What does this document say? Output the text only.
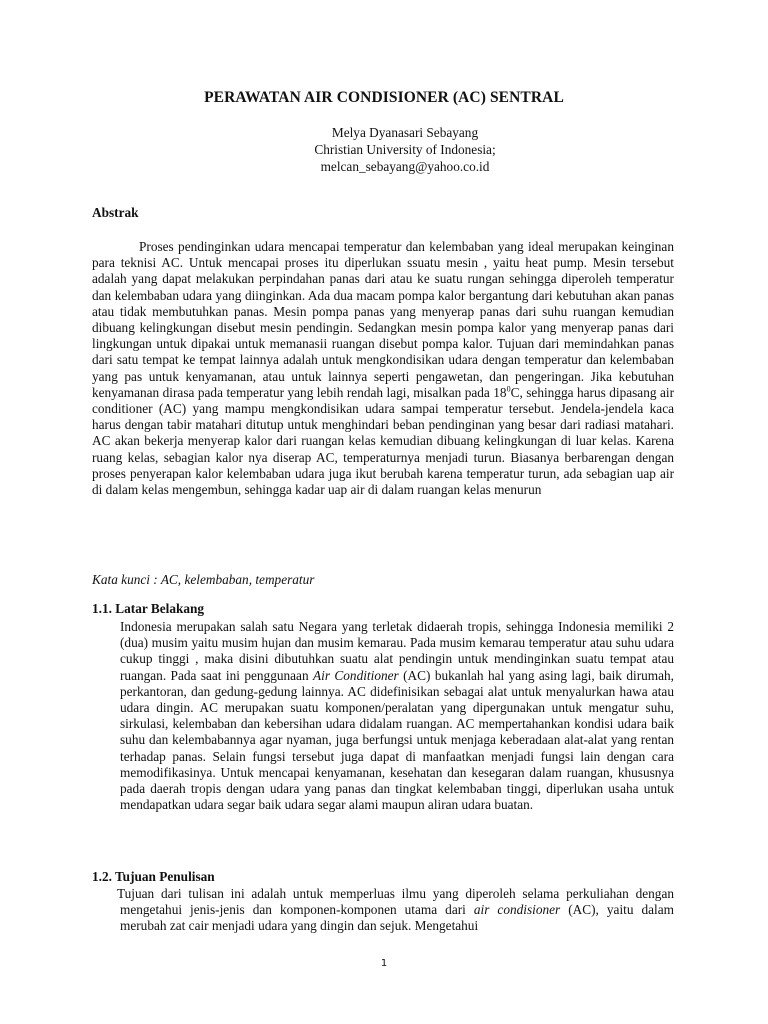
PERAWATAN AIR CONDISIONER (AC) SENTRAL
Melya Dyanasari Sebayang
Christian University of Indonesia;
melcan_sebayang@yahoo.co.id
Abstrak

Proses pendinginkan udara mencapai temperatur dan kelembaban yang ideal merupakan keinginan para teknisi AC. Untuk mencapai proses itu diperlukan ssuatu mesin , yaitu heat pump. Mesin tersebut adalah yang dapat melakukan perpindahan panas dari atau ke suatu rungan sehingga diperoleh temperatur dan kelembaban udara yang diinginkan. Ada dua macam pompa kalor bergantung dari kebutuhan akan panas atau tidak membutuhkan panas. Mesin pompa panas yang menyerap panas dari suhu ruangan kemudian dibuang kelingkungan disebut mesin pendingin. Sedangkan mesin pompa kalor yang menyerap panas dari lingkungan untuk dipakai untuk memanasii ruangan disebut pompa kalor. Tujuan dari memindahkan panas dari satu tempat ke tempat lainnya adalah untuk mengkondisikan udara dengan temperatur dan kelembaban yang pas untuk kenyamanan, atau untuk lainnya seperti pengawetan, dan pengeringan. Jika kebutuhan kenyamanan dirasa pada temperatur yang lebih rendah lagi, misalkan pada $18^0C$, sehingga harus dipasang air conditioner (AC) yang mampu mengkondisikan udara sampai temperatur tersebut. Jendela-jendela kaca harus dengan tabir matahari ditutup untuk menghindari beban pendinginan yang besar dari radiasi matahari. AC akan bekerja menyerap kalor dari ruangan kelas kemudian dibuang kelingkungan di luar kelas. Karena ruang kelas, sebagian kalor nya diserap AC, temperaturnya menjadi turun. Biasanya berbarengan dengan proses penyerapan kalor kelembaban udara juga ikut berubah karena temperatur turun, ada sebagian uap air di dalam kelas mengembun, sehingga kadar uap air di dalam ruangan kelas menurun

Kata kunci : AC, kelembaban, temperatur
1.1. Latar Belakang

Indonesia merupakan salah satu Negara yang terletak didaerah tropis, sehingga Indonesia memiliki 2 (dua) musim yaitu musim hujan dan musim kemarau. Pada musim kemarau temperatur atau suhu udara cukup tinggi , maka disini dibutuhkan suatu alat pendingin untuk mendinginkan suatu tempat atau ruangan. Pada saat ini penggunaan Air Conditioner (AC) bukanlah hal yang asing lagi, baik dirumah, perkantoran, dan gedung-gedung lainnya. AC didefinisikan sebagai alat untuk menyalurkan hawa atau udara dingin. AC merupakan suatu komponen/peralatan yang dipergunakan untuk mengatur suhu, sirkulasi, kelembaban dan kebersihan udara didalam ruangan. AC mempertahankan kondisi udara baik suhu dan kelembabannya agar nyaman, juga berfungsi untuk menjaga keberadaan alat-alat yang rentan terhadap panas. Selain fungsi tersebut juga dapat di manfaatkan menjadi fungsi lain dengan cara memodifikasinya. Untuk mencapai kenyamanan, kesehatan dan kesegaran dalam ruangan, khususnya pada daerah tropis dengan udara yang panas dan tingkat kelembaban tinggi, diperlukan usaha untuk mendapatkan udara segar baik udara segar alami maupun aliran udara buatan.

1.2. Tujuan Penulisan

Tujuan dari tulisan ini adalah untuk memperluas ilmu yang diperoleh selama perkuliahan dengan mengetahui jenis-jenis dan komponen-komponen utama dari air condisioner (AC), yaitu dalam merubah zat cair menjadi udara yang dingin dan sejuk. Mengetahui

1
